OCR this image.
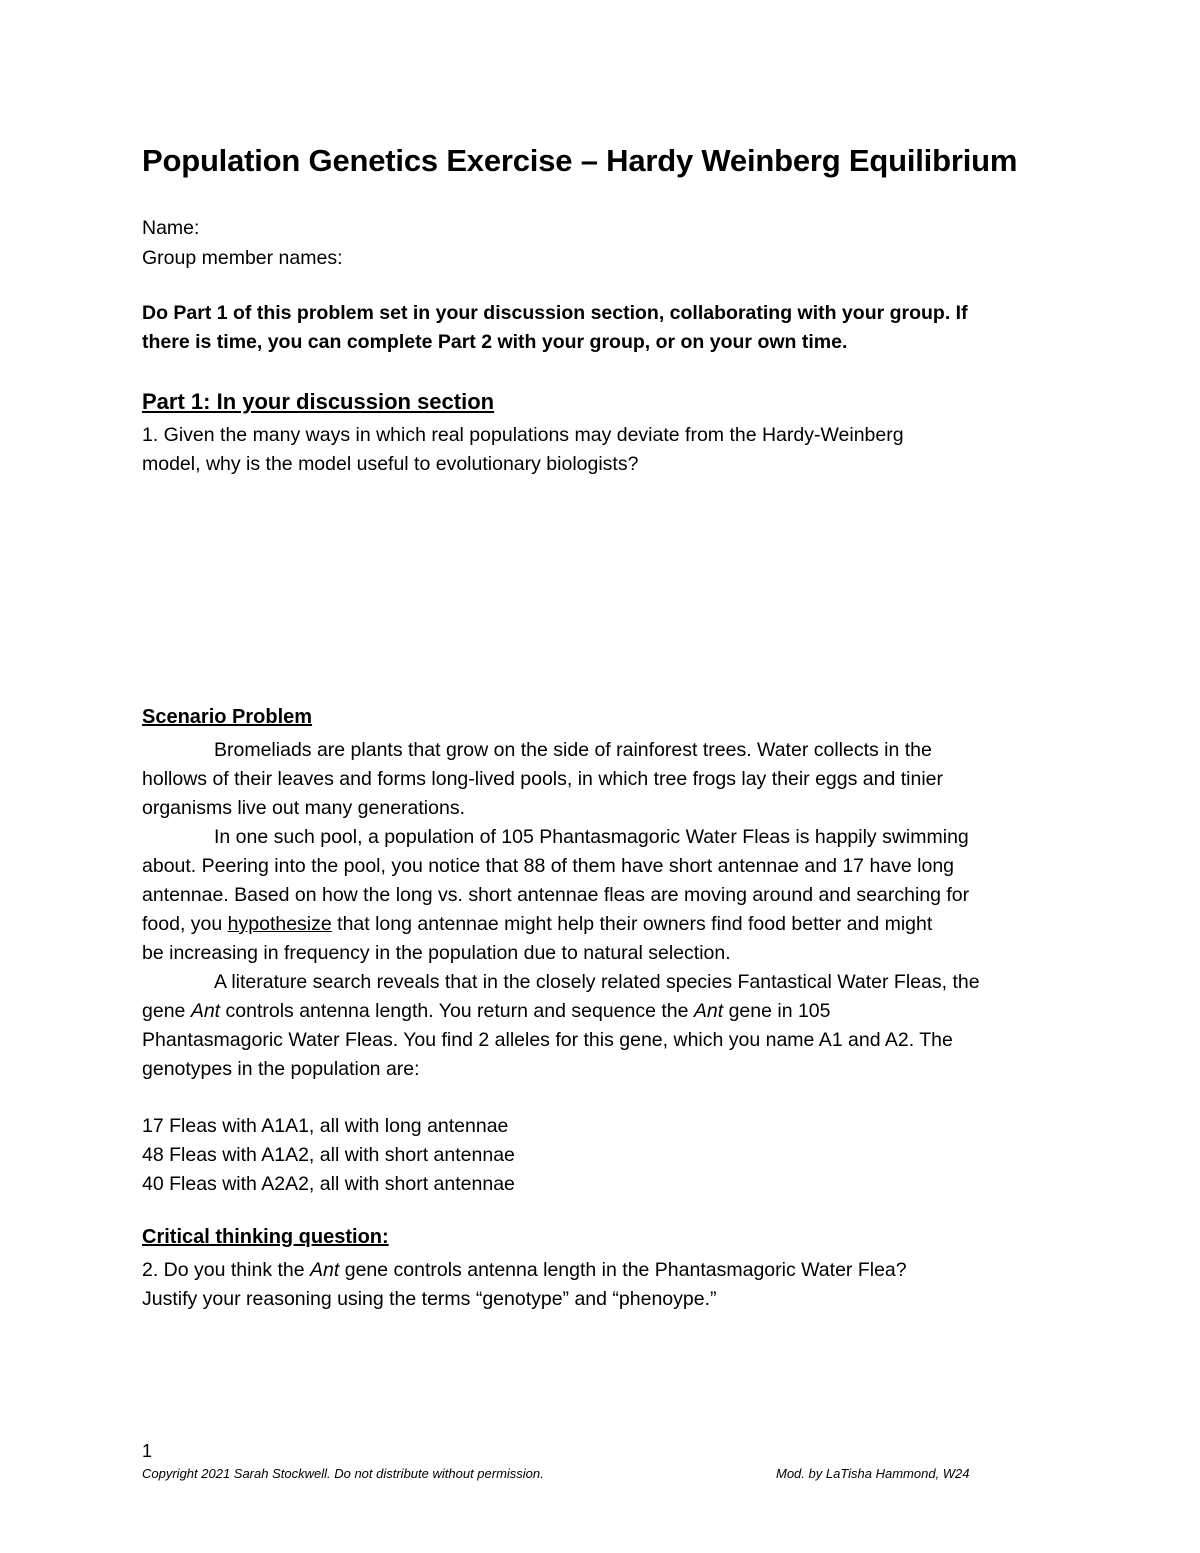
Population Genetics Exercise – Hardy Weinberg Equilibrium
Name:
Group member names:
Do Part 1 of this problem set in your discussion section, collaborating with your group. If
there is time, you can complete Part 2 with your group, or on your own time.
Part 1: In your discussion section
1. Given the many ways in which real populations may deviate from the Hardy-Weinberg
model, why is the model useful to evolutionary biologists?
Scenario Problem
Bromeliads are plants that grow on the side of rainforest trees. Water collects in the
hollows of their leaves and forms long-lived pools, in which tree frogs lay their eggs and tinier
organisms live out many generations.
In one such pool, a population of 105 Phantasmagoric Water Fleas is happily swimming
about. Peering into the pool, you notice that 88 of them have short antennae and 17 have long
antennae. Based on how the long vs. short antennae fleas are moving around and searching for
food, you hypothesize that long antennae might help their owners find food better and might
be increasing in frequency in the population due to natural selection.
A literature search reveals that in the closely related species Fantastical Water Fleas, the
gene Ant controls antenna length. You return and sequence the Ant gene in 105
Phantasmagoric Water Fleas. You find 2 alleles for this gene, which you name A1 and A2. The
genotypes in the population are:
17 Fleas with A1A1, all with long antennae
48 Fleas with A1A2, all with short antennae
40 Fleas with A2A2, all with short antennae
Critical thinking question:
2. Do you think the Ant gene controls antenna length in the Phantasmagoric Water Flea?
Justify your reasoning using the terms “genotype” and “phenoype.”
1
Copyright 2021 Sarah Stockwell. Do not distribute without permission.	Mod. by LaTisha Hammond, W24
